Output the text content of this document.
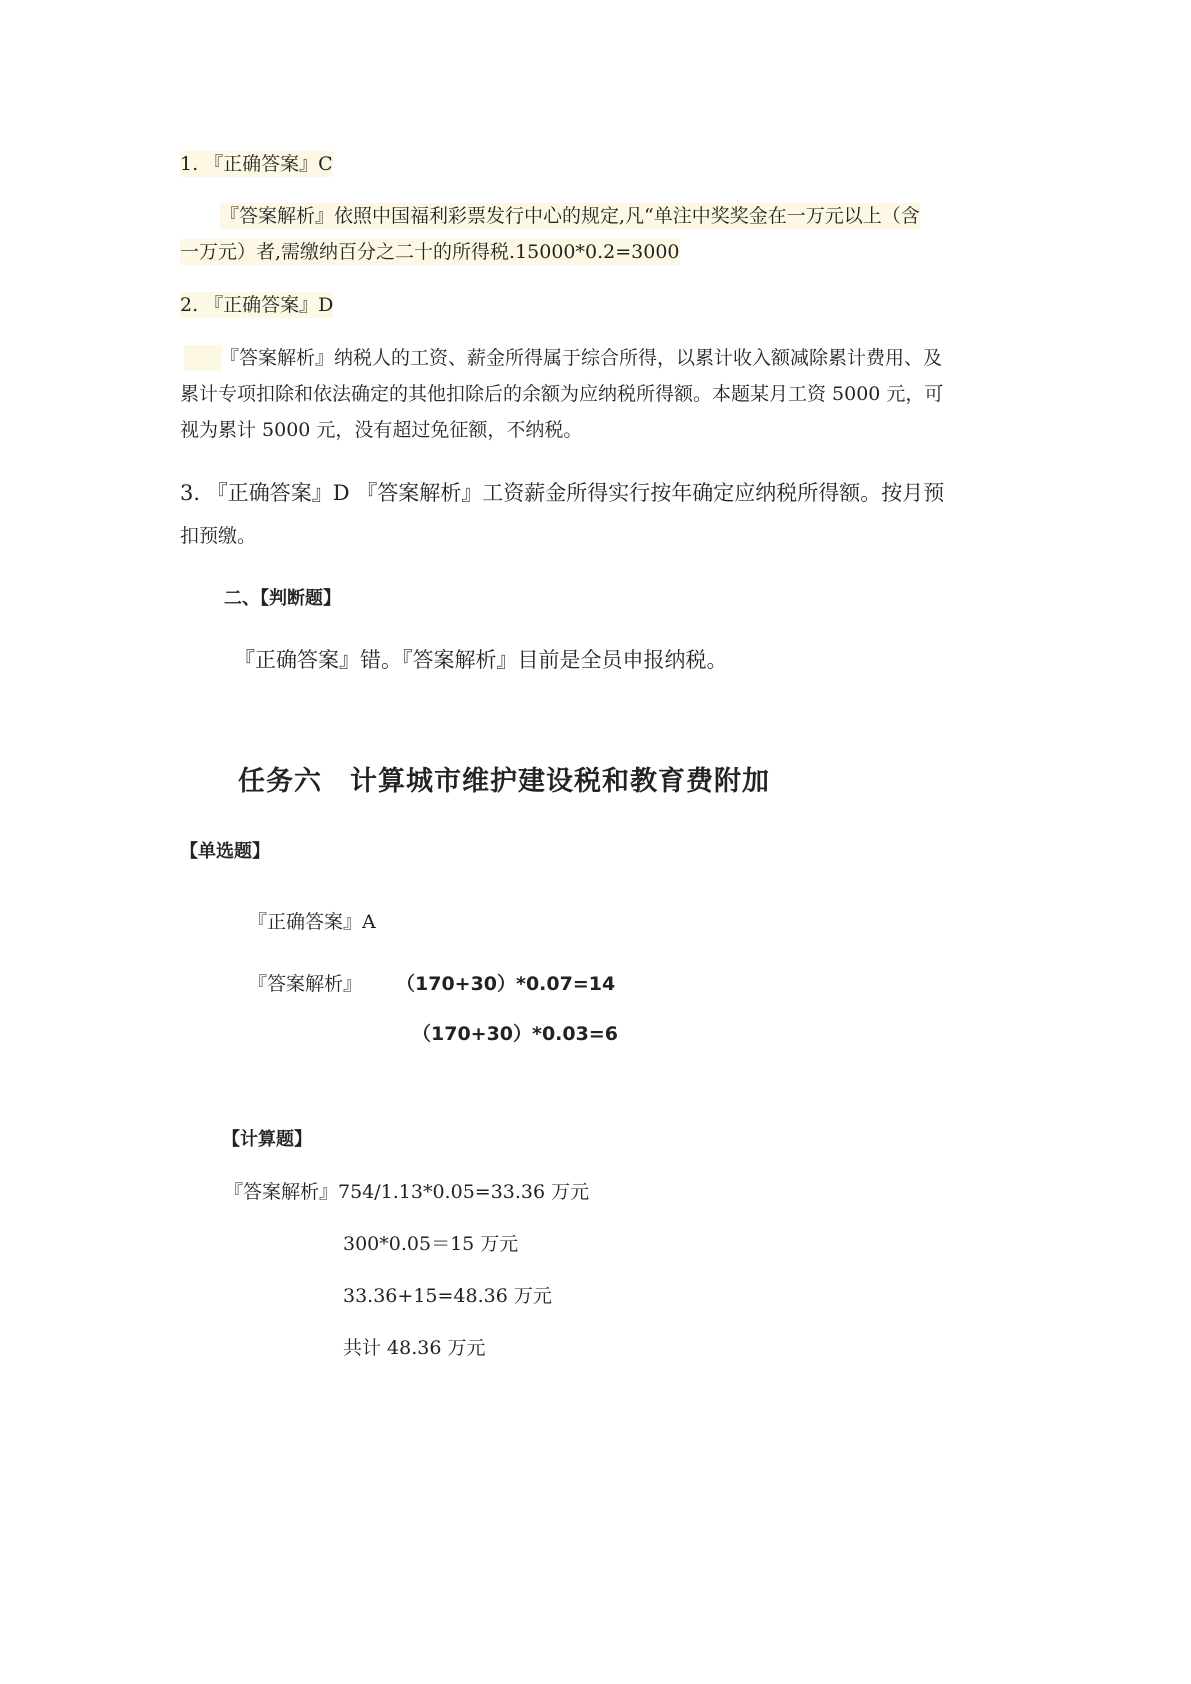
1. 『正确答案』C
『答案解析』依照中国福利彩票发行中心的规定,凡“单注中奖奖金在一万元以上（含
一万元）者,需缴纳百分之二十的所得税.15000*0.2=3000
2. 『正确答案』D
『答案解析』纳税人的工资、薪金所得属于综合所得，以累计收入额减除累计费用、及
累计专项扣除和依法确定的其他扣除后的余额为应纳税所得额。本题某月工资 5000 元，可
视为累计 5000 元，没有超过免征额，不纳税。
3. 『正确答案』D 『答案解析』工资薪金所得实行按年确定应纳税所得额。按月预
扣预缴。
二、【判断题】
『正确答案』错。『答案解析』目前是全员申报纳税。
任务六　计算城市维护建设税和教育费附加
【单选题】
『正确答案』A
『答案解析』 （170+30）*0.07=14
（170+30）*0.03=6
【计算题】
『答案解析』754/1.13*0.05=33.36 万元
300*0.05＝15 万元
33.36+15=48.36 万元
共计 48.36 万元
